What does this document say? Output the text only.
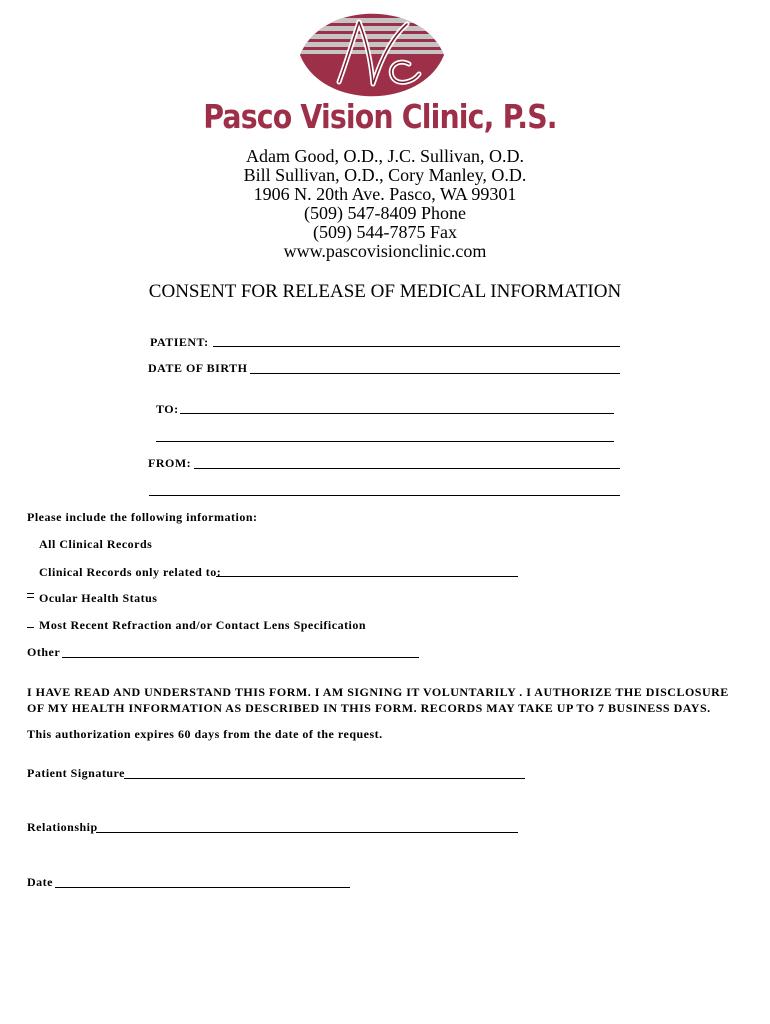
Pasco Vision Clinic, P.S.
Adam Good, O.D., J.C. Sullivan, O.D.
Bill Sullivan, O.D., Cory Manley, O.D.
1906 N. 20th Ave. Pasco, WA 99301
(509) 547-8409 Phone
(509) 544-7875 Fax
www.pascovisionclinic.com
CONSENT FOR RELEASE OF MEDICAL INFORMATION
PATIENT:
DATE OF BIRTH
TO:
FROM:
Please include the following information:
All Clinical Records
Clinical Records only related to:
Ocular Health Status
Most Recent Refraction and/or Contact Lens Specification
Other
I HAVE READ AND UNDERSTAND THIS FORM. I AM SIGNING IT VOLUNTARILY . I AUTHORIZE THE DISCLOSURE OF MY HEALTH INFORMATION AS DESCRIBED IN THIS FORM. RECORDS MAY TAKE UP TO 7 BUSINESS DAYS.
This authorization expires 60 days from the date of the request.
Patient Signature
Relationship
Date
